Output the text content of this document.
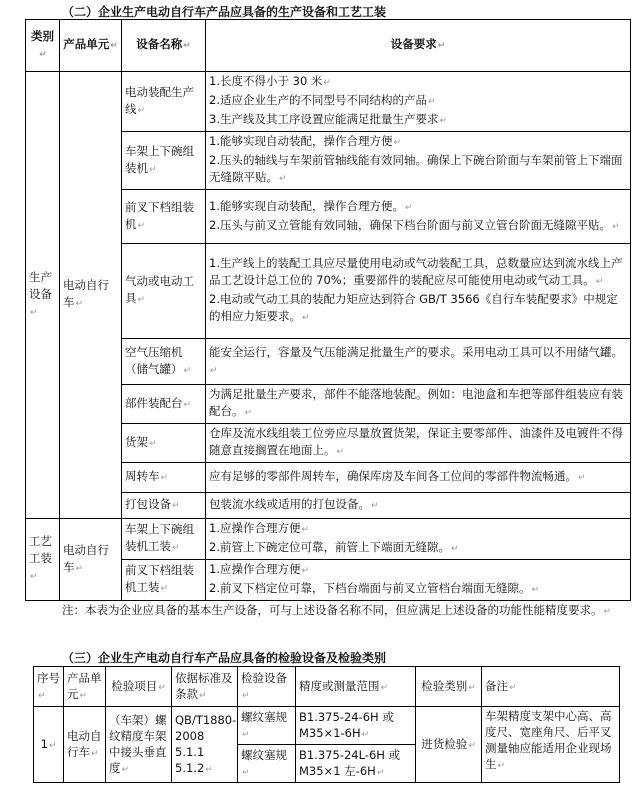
（二）企业生产电动自行车产品应具备的生产设备和工艺工装
类别 ↵	产品单元 ↵	设备名称 ↵	设备要求 ↵
生产设备 ↵	电动自行车 ↵	电动装配生产线 ↵	1.长度不得小于 30 米 ↵
2.适应企业生产的不同型号不同结构的产品 ↵
3.生产线及其工序设置应能满足批量生产要求 ↵

		车架上下碗组装机 ↵	1.能够实现自动装配，操作合理方便 ↵
2.压头的轴线与车架前管轴线能有效同轴。确保上下碗台阶面与车架前管上下端面无缝隙平贴。 ↵

		前叉下档组装机 ↵	1.能够实现自动装配，操作合理方便。 ↵
2.压头与前叉立管能有效同轴，确保下档台阶面与前叉立管台阶面无缝隙平贴。 ↵

		气动或电动工具 ↵	1.生产线上的装配工具应尽量使用电动或气动装配工具，总数量应达到流水线上产品工艺设计总工位的 70%；重要部件的装配应尽可能使用电动或气动工具。 ↵
2.电动或气动工具的装配力矩应达到符合 GB/T 3566《自行车装配要求》中规定的相应力矩要求。 ↵

		空气压缩机（储气罐） ↵	能安全运行，容量及气压能满足批量生产的要求。采用电动工具可以不用储气罐。 ↵

		部件装配台 ↵	为满足批量生产要求，部件不能落地装配。例如：电池盒和车把等部件组装应有装配台。 ↵

		货架 ↵	仓库及流水线组装工位旁应尽量放置货架，保证主要零部件、油漆件及电镀件不得随意直接搁置在地面上。 ↵

		周转车 ↵	应有足够的零部件周转车，确保库房及车间各工位间的零部件物流畅通。 ↵

		打包设备 ↵	包装流水线或适用的打包设备。 ↵

工艺工装 ↵	电动自行车 ↵	车架上下碗组装机工装 ↵	1.应操作合理方便 ↵
2.前管上下碗定位可靠，前管上下端面无缝隙。 ↵

		前叉下档组装机工装 ↵	1.应操作合理方便 ↵
2.前叉下档定位可靠，下档台端面与前叉立管档台端面无缝隙。 ↵
注：本表为企业应具备的基本生产设备，可与上述设备名称不同，但应满足上述设备的功能性能精度要求。 ↵
（三）企业生产电动自行车产品应具备的检验设备及检验类别
序号 ↵	产品单元 ↵	检验项目 ↵	依据标准及条款 ↵	检验设备 ↵	精度或测量范围 ↵	检验类别 ↵	备注 ↵
1 ↵	电动自行车 ↵	（车架）螺纹精度车架中接头垂直度 ↵	QB/T1880-2008 5.1.1 5.1.2 ↵	螺纹塞规 ↵	B1.375-24-6H 或M35×1-6H ↵	进货检验 ↵	车架精度支架中心高、高度尺、宽座角尺、后平叉测量轴应能适用企业现场生 ↵
				螺纹塞规 ↵	B1.375-24L-6H 或M35×1 左-6H ↵
